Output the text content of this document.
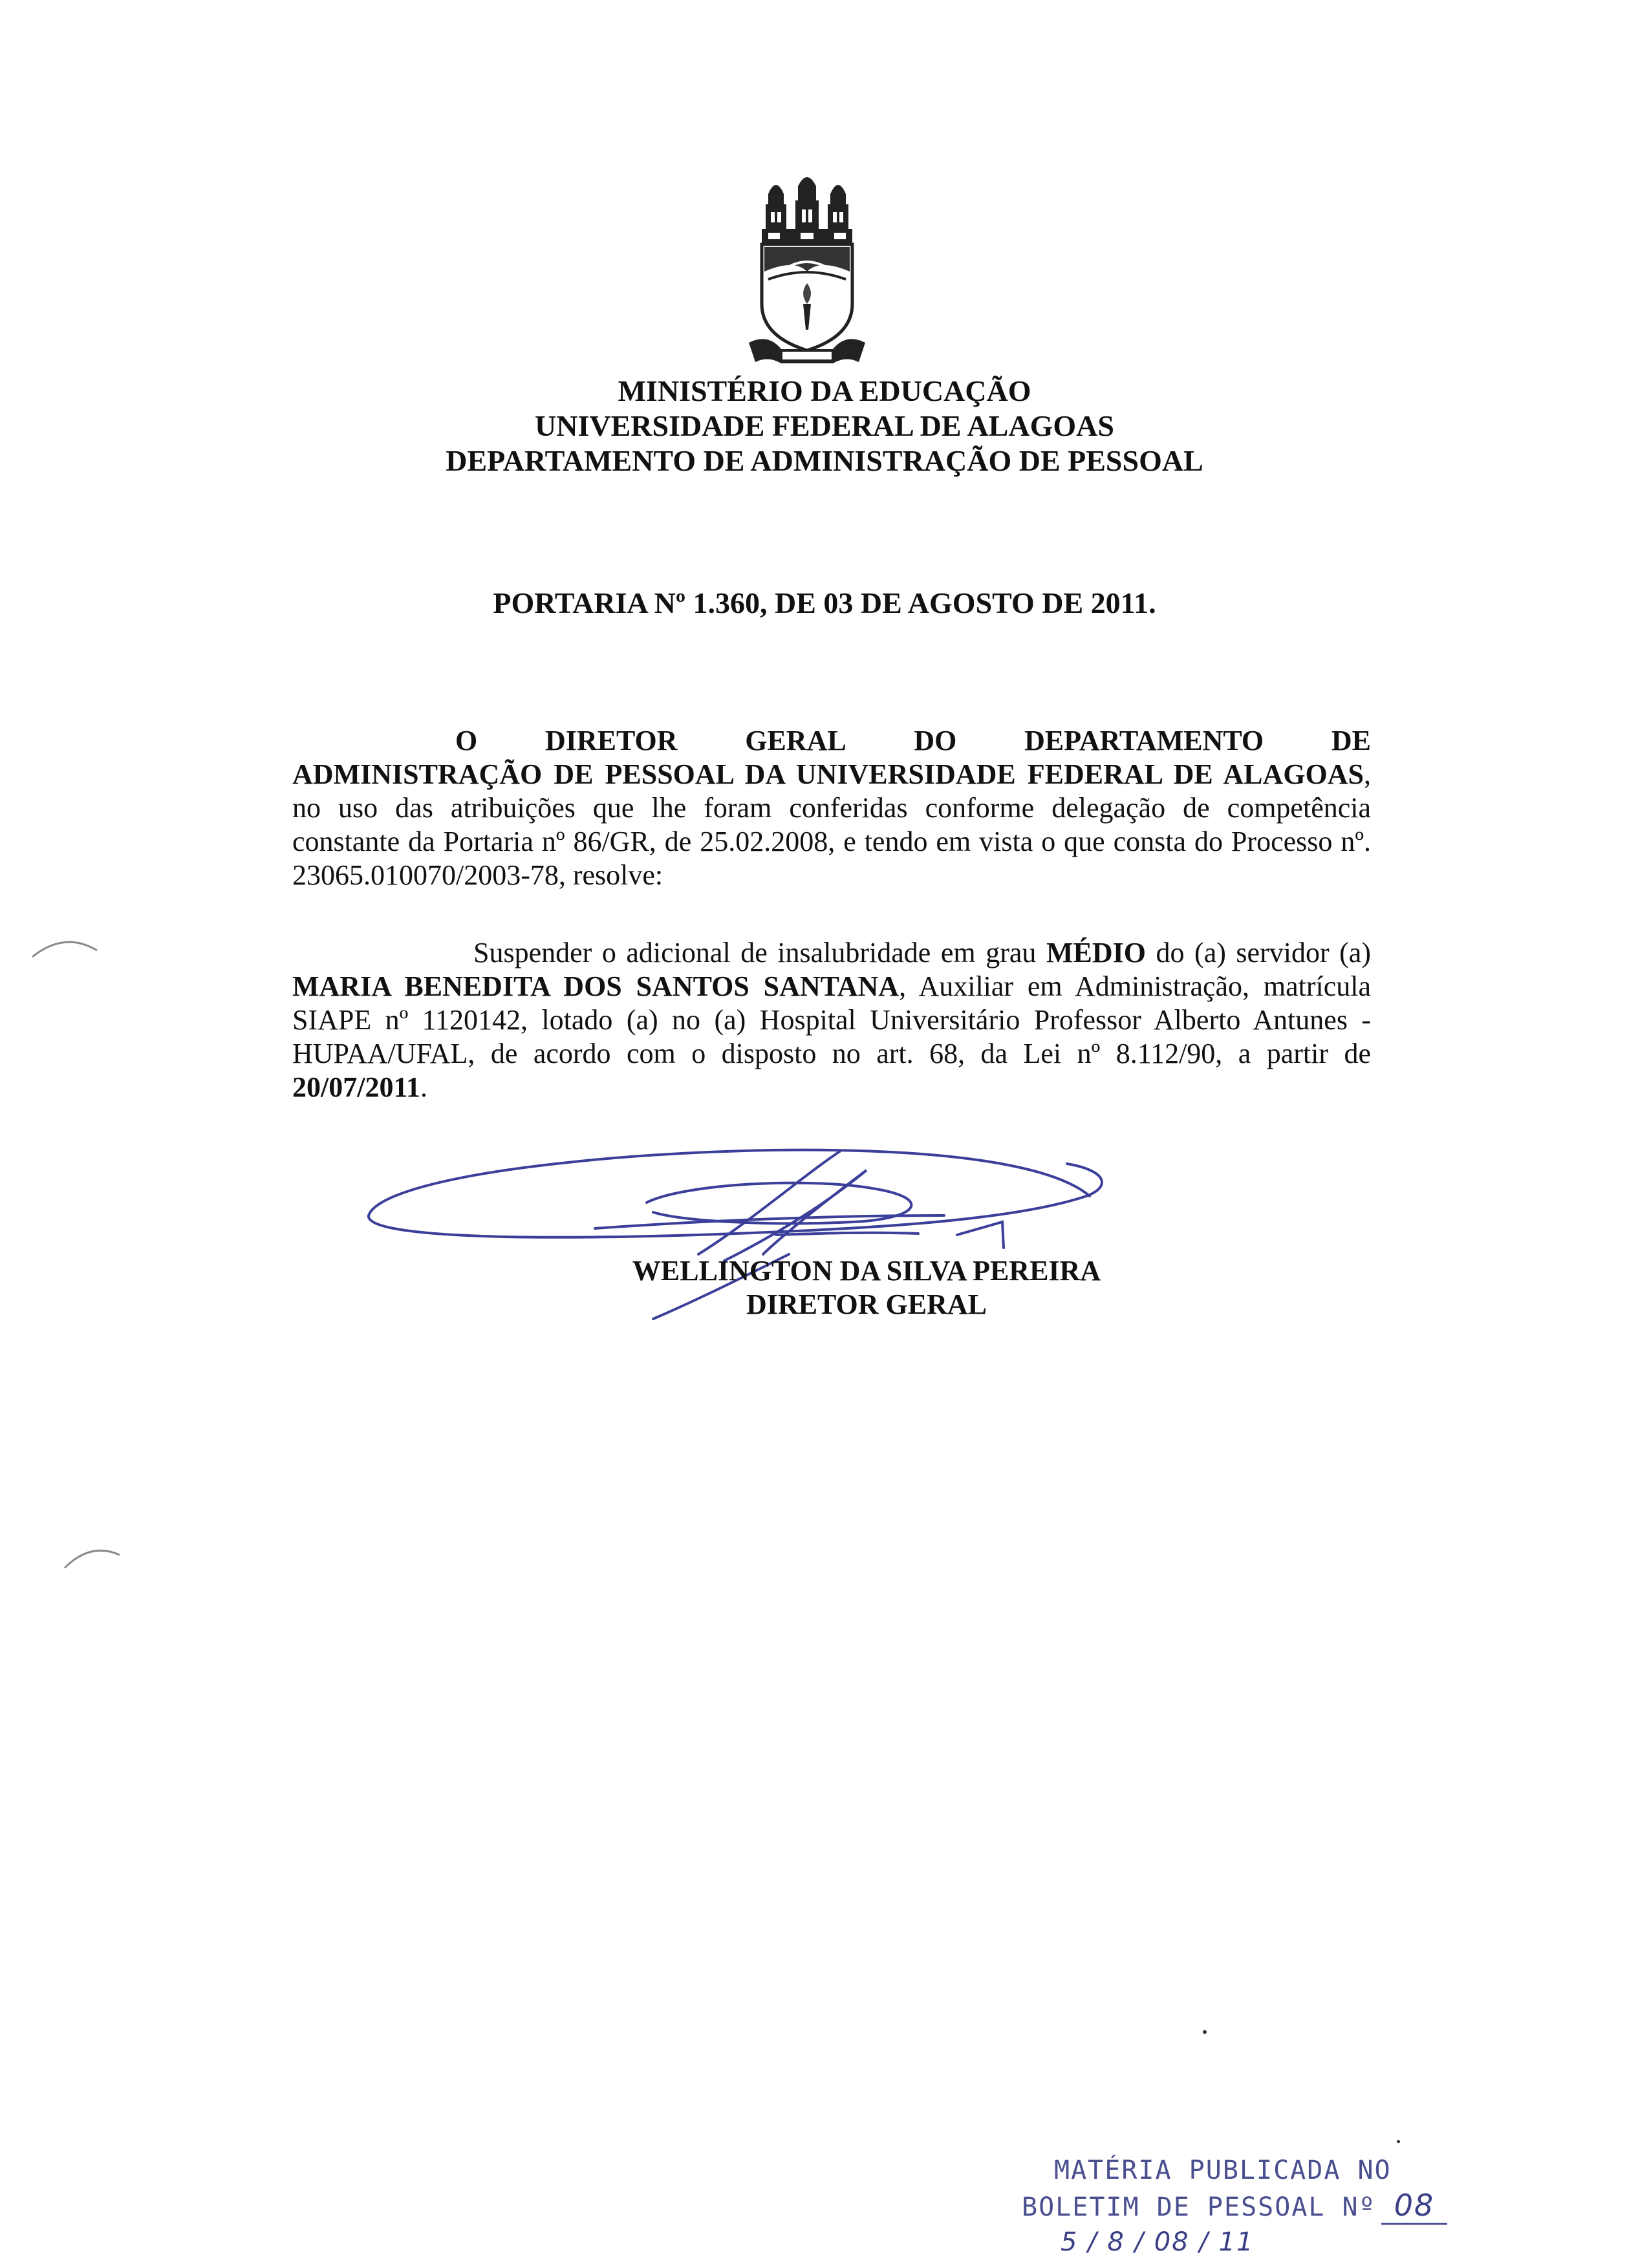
MINISTÉRIO DA EDUCAÇÃO
UNIVERSIDADE FEDERAL DE ALAGOAS
DEPARTAMENTO DE ADMINISTRAÇÃO DE PESSOAL
PORTARIA Nº 1.360, DE 03 DE AGOSTO DE 2011.
O DIRETOR GERAL DO DEPARTAMENTO DE
ADMINISTRAÇÃO DE PESSOAL DA UNIVERSIDADE FEDERAL DE ALAGOAS, no uso das atribuições que lhe foram conferidas conforme delegação de competência constante da Portaria nº 86/GR, de 25.02.2008, e tendo em vista o que consta do Processo nº. 23065.010070/2003-78, resolve:
Suspender o adicional de insalubridade em grau MÉDIO do (a) servidor (a) MARIA BENEDITA DOS SANTOS SANTANA, Auxiliar em Administração, matrícula SIAPE nº 1120142, lotado (a) no (a) Hospital Universitário Professor Alberto Antunes - HUPAA/UFAL, de acordo com o disposto no art. 68, da Lei nº 8.112/90, a partir de 20/07/2011.
WELLINGTON DA SILVA PEREIRA
DIRETOR GERAL
MATÉRIA PUBLICADA NO
BOLETIM DE PESSOAL Nº 08
5 / 8 / 08 / 11
